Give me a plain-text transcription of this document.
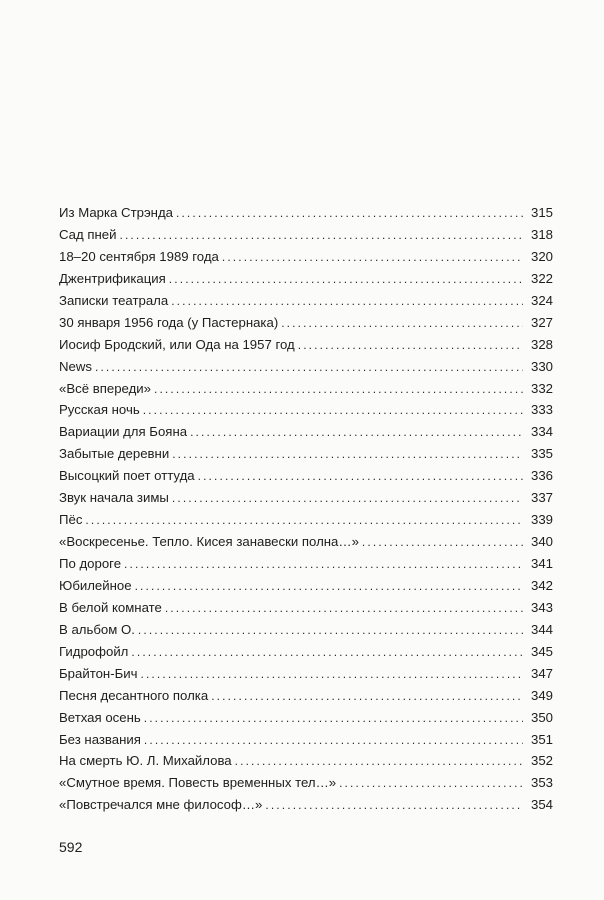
Из Марка Стрэнда . . .	315
Сад пней . . .	318
18–20 сентября 1989 года . . .	320
Джентрификация . . .	322
Записки театрала . . .	324
30 января 1956 года (у Пастернака) . . .	327
Иосиф Бродский, или Ода на 1957 год . . .	328
News . . .	330
«Всё впереди» . . .	332
Русская ночь . . .	333
Вариации для Бояна . . .	334
Забытые деревни . . .	335
Высоцкий поет оттуда . . .	336
Звук начала зимы . . .	337
Пёс . . .	339
«Воскресенье. Тепло. Кисея занавески полна…» . . .	340
По дороге . . .	341
Юбилейное . . .	342
В белой комнате . . .	343
В альбом О. . . .	344
Гидрофойл . . .	345
Брайтон-Бич . . .	347
Песня десантного полка . . .	349
Ветхая осень . . .	350
Без названия . . .	351
На смерть Ю. Л. Михайлова . . .	352
«Смутное время. Повесть временных тел…» . . .	353
«Повстречался мне философ…» . . .	354
592
